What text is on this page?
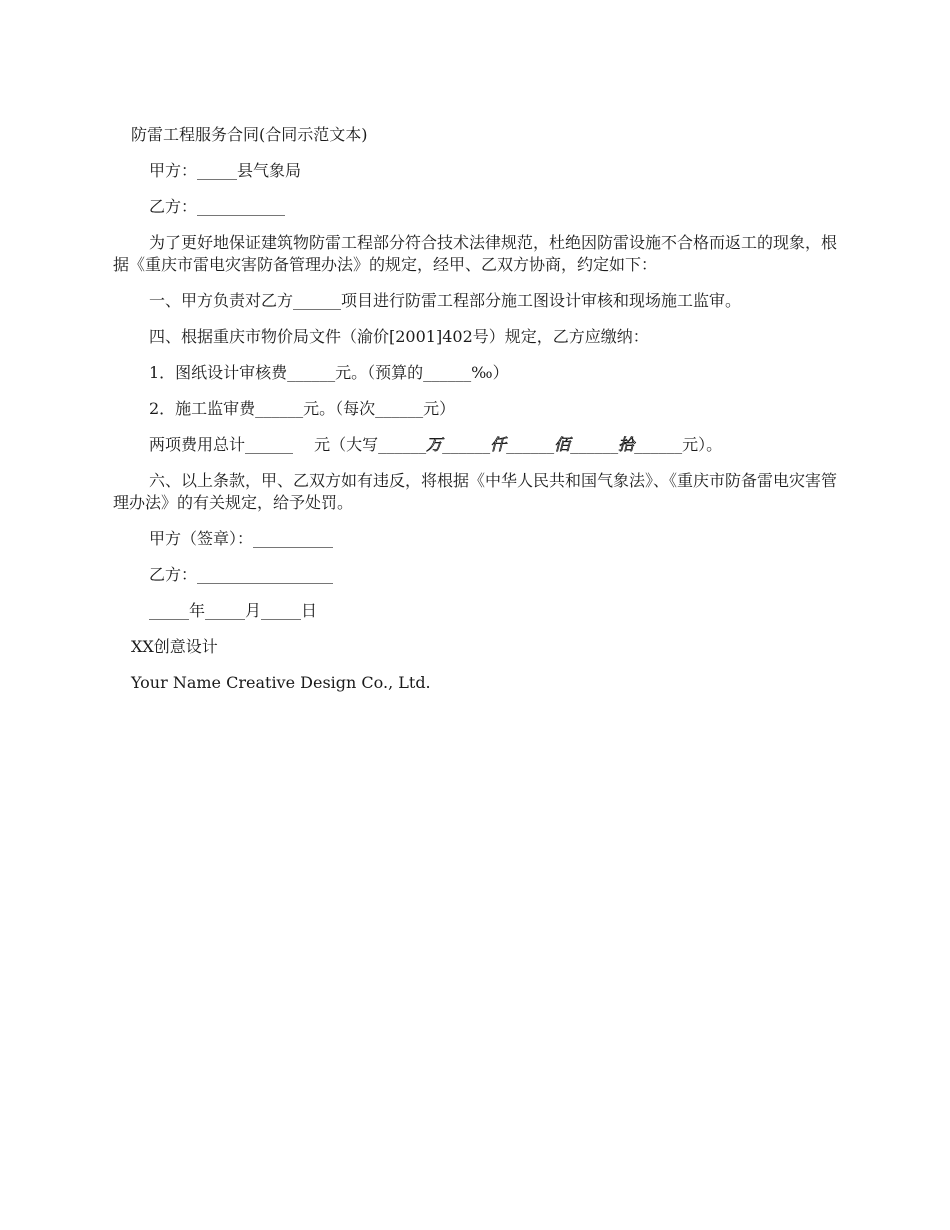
防雷工程服务合同(合同示范文本)

甲方：_____县气象局

乙方：___________

为了更好地保证建筑物防雷工程部分符合技术法律规范，杜绝因防雷设施不合格而返工的现象，根据《重庆市雷电灾害防备管理办法》的规定，经甲、乙双方协商，约定如下：

一、甲方负责对乙方______项目进行防雷工程部分施工图设计审核和现场施工监审。

四、根据重庆市物价局文件（渝价[2001]402号）规定，乙方应缴纳：

1．图纸设计审核费______元。（预算的______‰）

2．施工监审费______元。（每次______元）

两项费用总计______　 元（大写______万______仟______佰______拾______元）。

六、以上条款，甲、乙双方如有违反，将根据《中华人民共和国气象法》、《重庆市防备雷电灾害管理办法》的有关规定，给予处罚。

甲方（签章）：__________

乙方：_________________

_____年_____月_____日

XX创意设计

Your Name Creative Design Co., Ltd.
